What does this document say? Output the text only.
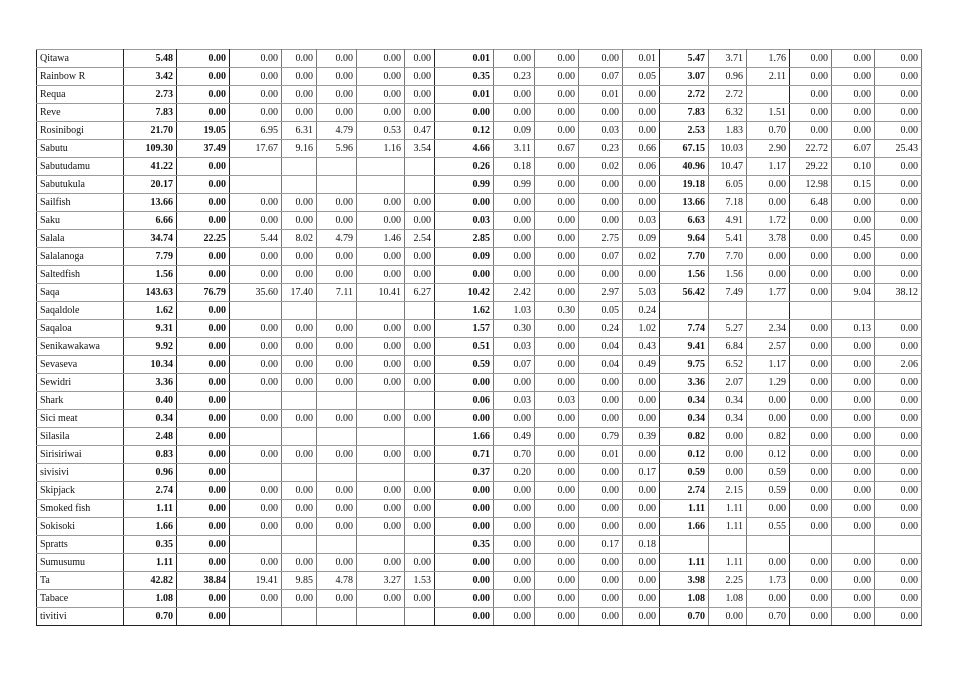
Qitawa	5.48	0.00	0.00	0.00	0.00	0.00	0.00	0.01	0.00	0.00	0.00	0.01	5.47	3.71	1.76	0.00	0.00	0.00
Rainbow R	3.42	0.00	0.00	0.00	0.00	0.00	0.00	0.35	0.23	0.00	0.07	0.05	3.07	0.96	2.11	0.00	0.00	0.00
Requa	2.73	0.00	0.00	0.00	0.00	0.00	0.00	0.01	0.00	0.00	0.01	0.00	2.72	2.72		0.00	0.00	0.00
Reve	7.83	0.00	0.00	0.00	0.00	0.00	0.00	0.00	0.00	0.00	0.00	0.00	7.83	6.32	1.51	0.00	0.00	0.00
Rosinibogi	21.70	19.05	6.95	6.31	4.79	0.53	0.47	0.12	0.09	0.00	0.03	0.00	2.53	1.83	0.70	0.00	0.00	0.00
Sabutu	109.30	37.49	17.67	9.16	5.96	1.16	3.54	4.66	3.11	0.67	0.23	0.66	67.15	10.03	2.90	22.72	6.07	25.43
Sabutudamu	41.22	0.00						0.26	0.18	0.00	0.02	0.06	40.96	10.47	1.17	29.22	0.10	0.00
Sabutukula	20.17	0.00						0.99	0.99	0.00	0.00	0.00	19.18	6.05	0.00	12.98	0.15	0.00
Sailfish	13.66	0.00	0.00	0.00	0.00	0.00	0.00	0.00	0.00	0.00	0.00	0.00	13.66	7.18	0.00	6.48	0.00	0.00
Saku	6.66	0.00	0.00	0.00	0.00	0.00	0.00	0.03	0.00	0.00	0.00	0.03	6.63	4.91	1.72	0.00	0.00	0.00
Salala	34.74	22.25	5.44	8.02	4.79	1.46	2.54	2.85	0.00	0.00	2.75	0.09	9.64	5.41	3.78	0.00	0.45	0.00
Salalanoga	7.79	0.00	0.00	0.00	0.00	0.00	0.00	0.09	0.00	0.00	0.07	0.02	7.70	7.70	0.00	0.00	0.00	0.00
Saltedfish	1.56	0.00	0.00	0.00	0.00	0.00	0.00	0.00	0.00	0.00	0.00	0.00	1.56	1.56	0.00	0.00	0.00	0.00
Saqa	143.63	76.79	35.60	17.40	7.11	10.41	6.27	10.42	2.42	0.00	2.97	5.03	56.42	7.49	1.77	0.00	9.04	38.12
Saqaldole	1.62	0.00						1.62	1.03	0.30	0.05	0.24						
Saqaloa	9.31	0.00	0.00	0.00	0.00	0.00	0.00	1.57	0.30	0.00	0.24	1.02	7.74	5.27	2.34	0.00	0.13	0.00
Senikawakawa	9.92	0.00	0.00	0.00	0.00	0.00	0.00	0.51	0.03	0.00	0.04	0.43	9.41	6.84	2.57	0.00	0.00	0.00
Sevaseva	10.34	0.00	0.00	0.00	0.00	0.00	0.00	0.59	0.07	0.00	0.04	0.49	9.75	6.52	1.17	0.00	0.00	2.06
Sewidri	3.36	0.00	0.00	0.00	0.00	0.00	0.00	0.00	0.00	0.00	0.00	0.00	3.36	2.07	1.29	0.00	0.00	0.00
Shark	0.40	0.00						0.06	0.03	0.03	0.00	0.00	0.34	0.34	0.00	0.00	0.00	0.00
Sici meat	0.34	0.00	0.00	0.00	0.00	0.00	0.00	0.00	0.00	0.00	0.00	0.00	0.34	0.34	0.00	0.00	0.00	0.00
Silasila	2.48	0.00						1.66	0.49	0.00	0.79	0.39	0.82	0.00	0.82	0.00	0.00	0.00
Sirisiriwai	0.83	0.00	0.00	0.00	0.00	0.00	0.00	0.71	0.70	0.00	0.01	0.00	0.12	0.00	0.12	0.00	0.00	0.00
sivisivi	0.96	0.00						0.37	0.20	0.00	0.00	0.17	0.59	0.00	0.59	0.00	0.00	0.00
Skipjack	2.74	0.00	0.00	0.00	0.00	0.00	0.00	0.00	0.00	0.00	0.00	0.00	2.74	2.15	0.59	0.00	0.00	0.00
Smoked fish	1.11	0.00	0.00	0.00	0.00	0.00	0.00	0.00	0.00	0.00	0.00	0.00	1.11	1.11	0.00	0.00	0.00	0.00
Sokisoki	1.66	0.00	0.00	0.00	0.00	0.00	0.00	0.00	0.00	0.00	0.00	0.00	1.66	1.11	0.55	0.00	0.00	0.00
Spratts	0.35	0.00						0.35	0.00	0.00	0.17	0.18						
Sumusumu	1.11	0.00	0.00	0.00	0.00	0.00	0.00	0.00	0.00	0.00	0.00	0.00	1.11	1.11	0.00	0.00	0.00	0.00
Ta	42.82	38.84	19.41	9.85	4.78	3.27	1.53	0.00	0.00	0.00	0.00	0.00	3.98	2.25	1.73	0.00	0.00	0.00
Tabace	1.08	0.00	0.00	0.00	0.00	0.00	0.00	0.00	0.00	0.00	0.00	0.00	1.08	1.08	0.00	0.00	0.00	0.00
tivitivi	0.70	0.00						0.00	0.00	0.00	0.00	0.00	0.70	0.00	0.70	0.00	0.00	0.00
